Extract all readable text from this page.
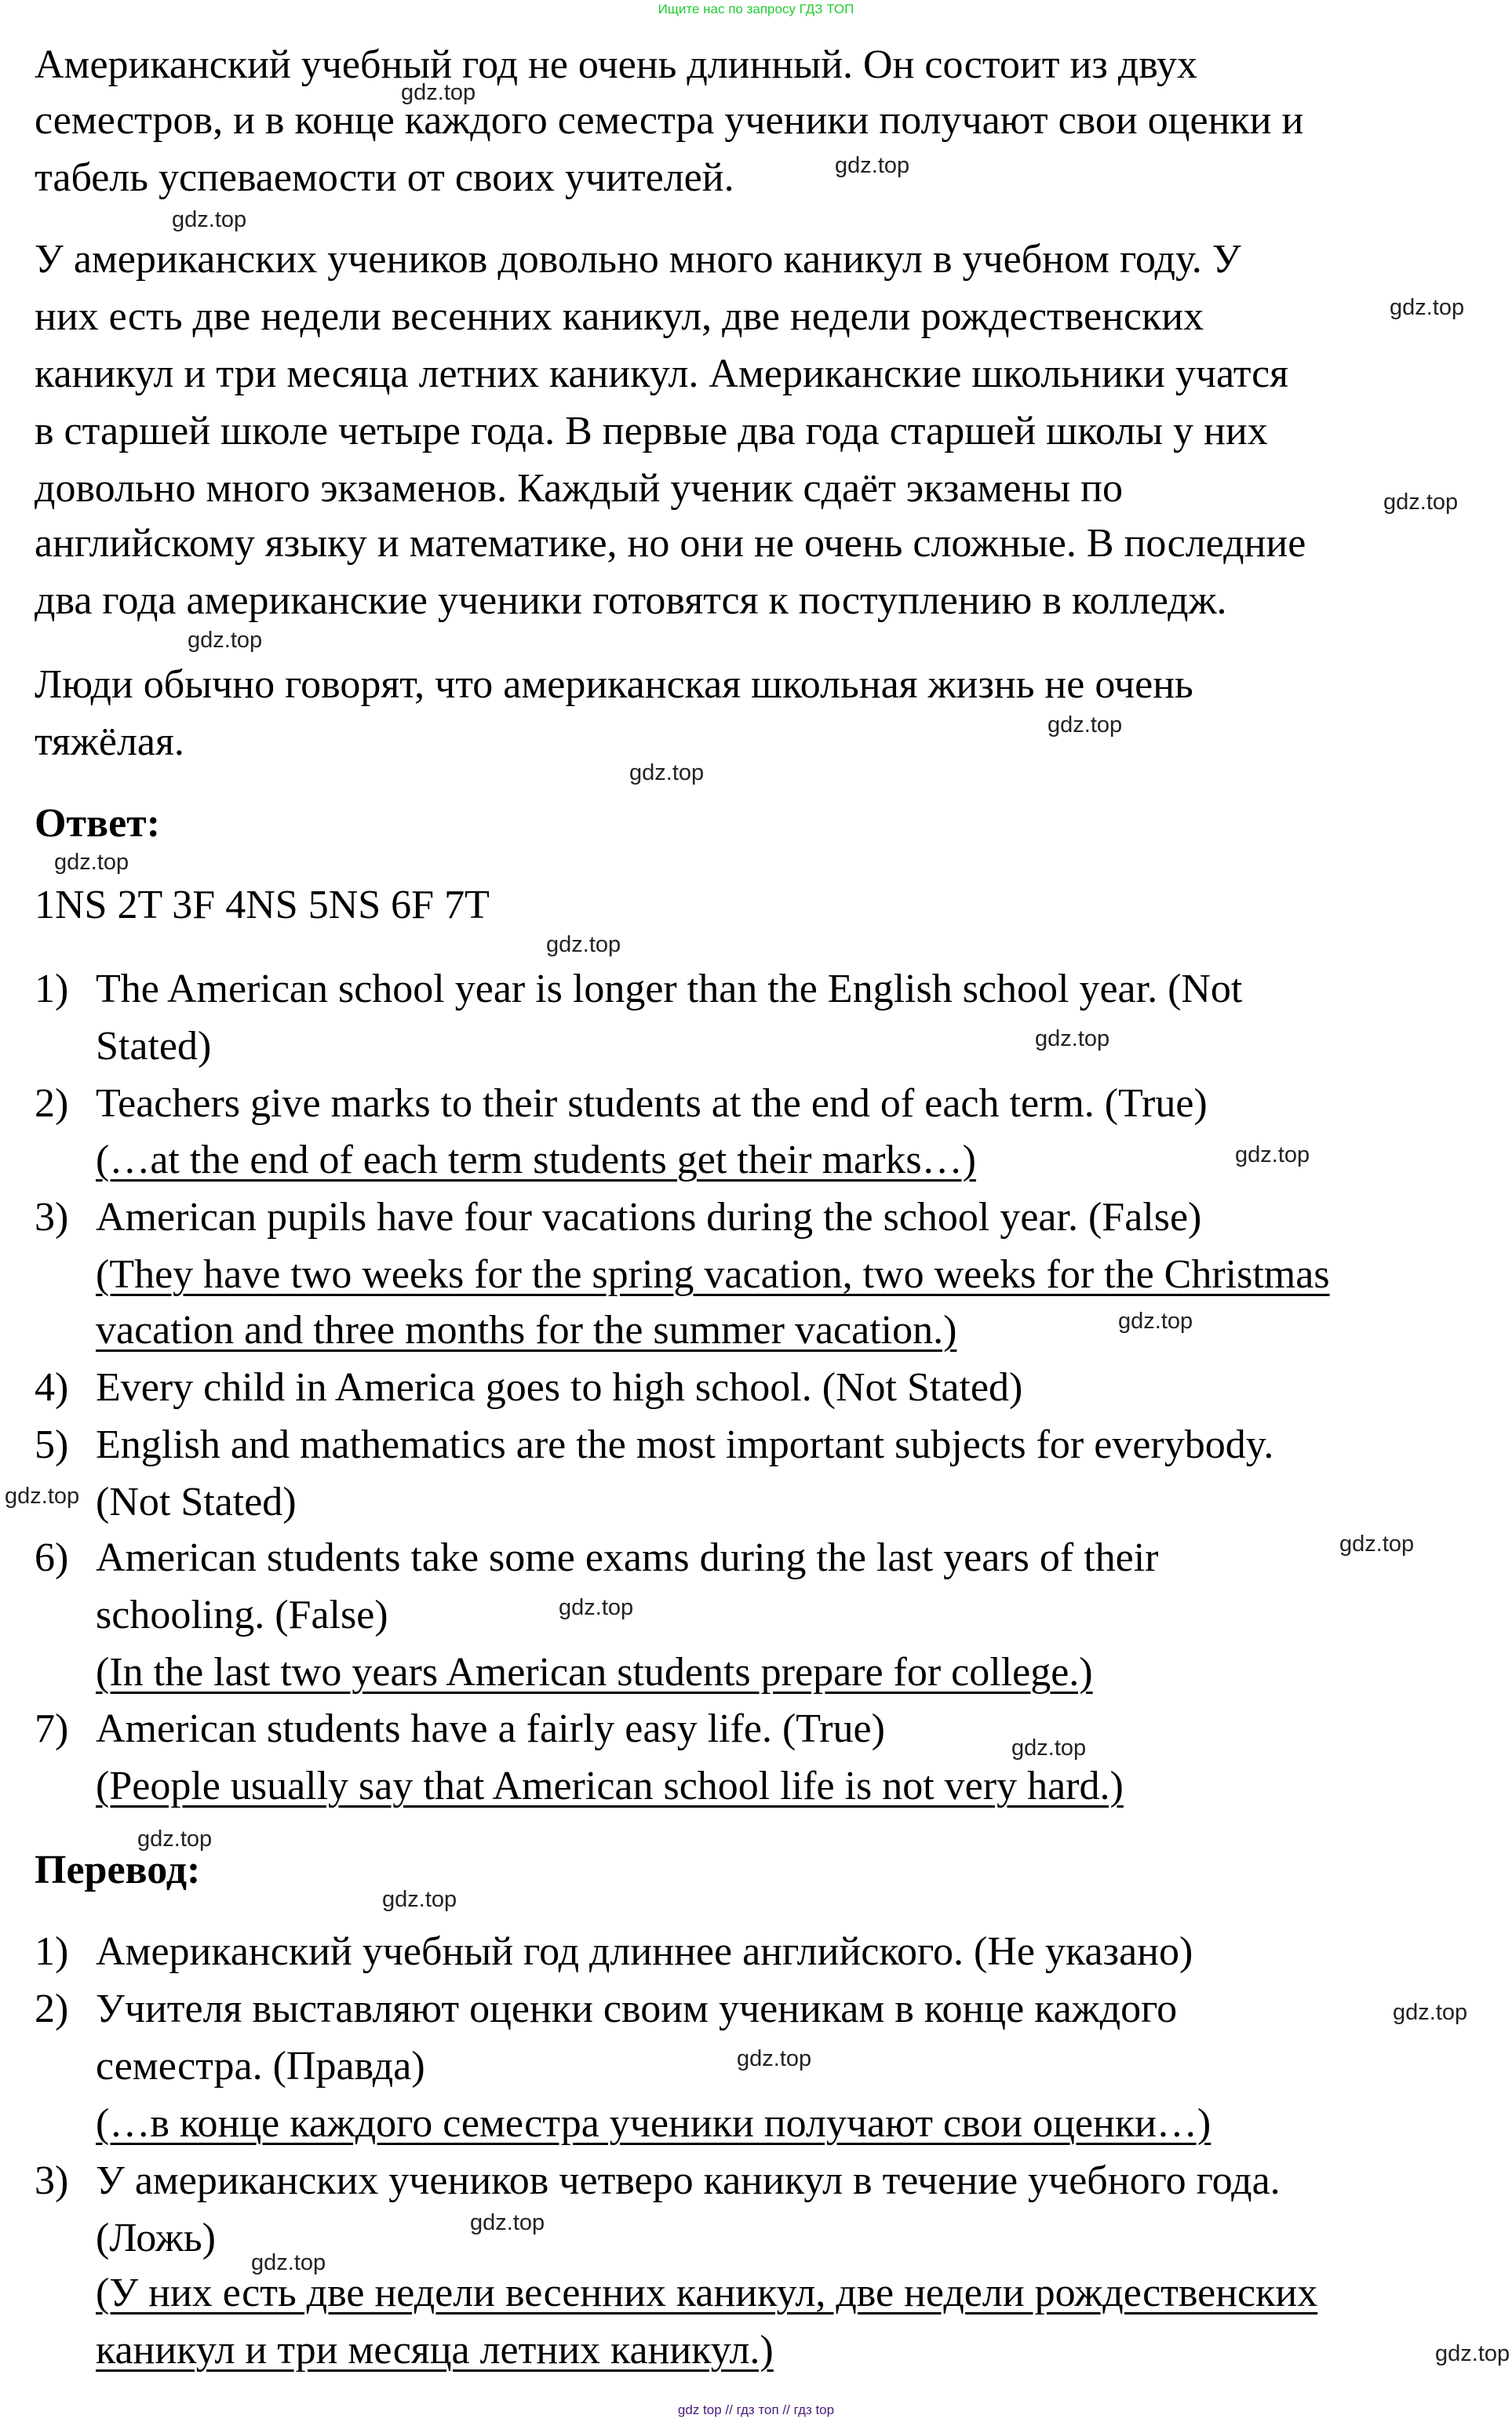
Ищите нас по запросу ГДЗ ТОП
Американский учебный год не очень длинный. Он состоит из двух
семестров, и в конце каждого семестра ученики получают свои оценки и
табель успеваемости от своих учителей.
У американских учеников довольно много каникул в учебном году. У
них есть две недели весенних каникул, две недели рождественских
каникул и три месяца летних каникул. Американские школьники учатся
в старшей школе четыре года. В первые два года старшей школы у них
довольно много экзаменов. Каждый ученик сдаёт экзамены по
английскому языку и математике, но они не очень сложные. В последние
два года американские ученики готовятся к поступлению в колледж.
Люди обычно говорят, что американская школьная жизнь не очень
тяжёлая.
Ответ:
1NS 2T 3F 4NS 5NS 6F 7T
1) The American school year is longer than the English school year. (Not
Stated)
2) Teachers give marks to their students at the end of each term. (True)
(…at the end of each term students get their marks…)
3) American pupils have four vacations during the school year. (False)
(They have two weeks for the spring vacation, two weeks for the Christmas
vacation and three months for the summer vacation.)
4) Every child in America goes to high school. (Not Stated)
5) English and mathematics are the most important subjects for everybody.
(Not Stated)
6) American students take some exams during the last years of their
schooling. (False)
(In the last two years American students prepare for college.)
7) American students have a fairly easy life. (True)
(People usually say that American school life is not very hard.)
Перевод:
1) Американский учебный год длиннее английского. (Не указано)
2) Учителя выставляют оценки своим ученикам в конце каждого
семестра. (Правда)
(…в конце каждого семестра ученики получают свои оценки…)
3) У американских учеников четверо каникул в течение учебного года.
(Ложь)
(У них есть две недели весенних каникул, две недели рождественских
каникул и три месяца летних каникул.)
gdz.top
gdz.top
gdz.top
gdz.top
gdz.top
gdz.top
gdz.top
gdz.top
gdz.top
gdz.top
gdz.top
gdz.top
gdz.top
gdz.top
gdz.top
gdz.top
gdz.top
gdz.top
gdz.top
gdz.top
gdz.top
gdz.top
gdz.top
gdz.top
gdz top // гдз топ // гдз top
